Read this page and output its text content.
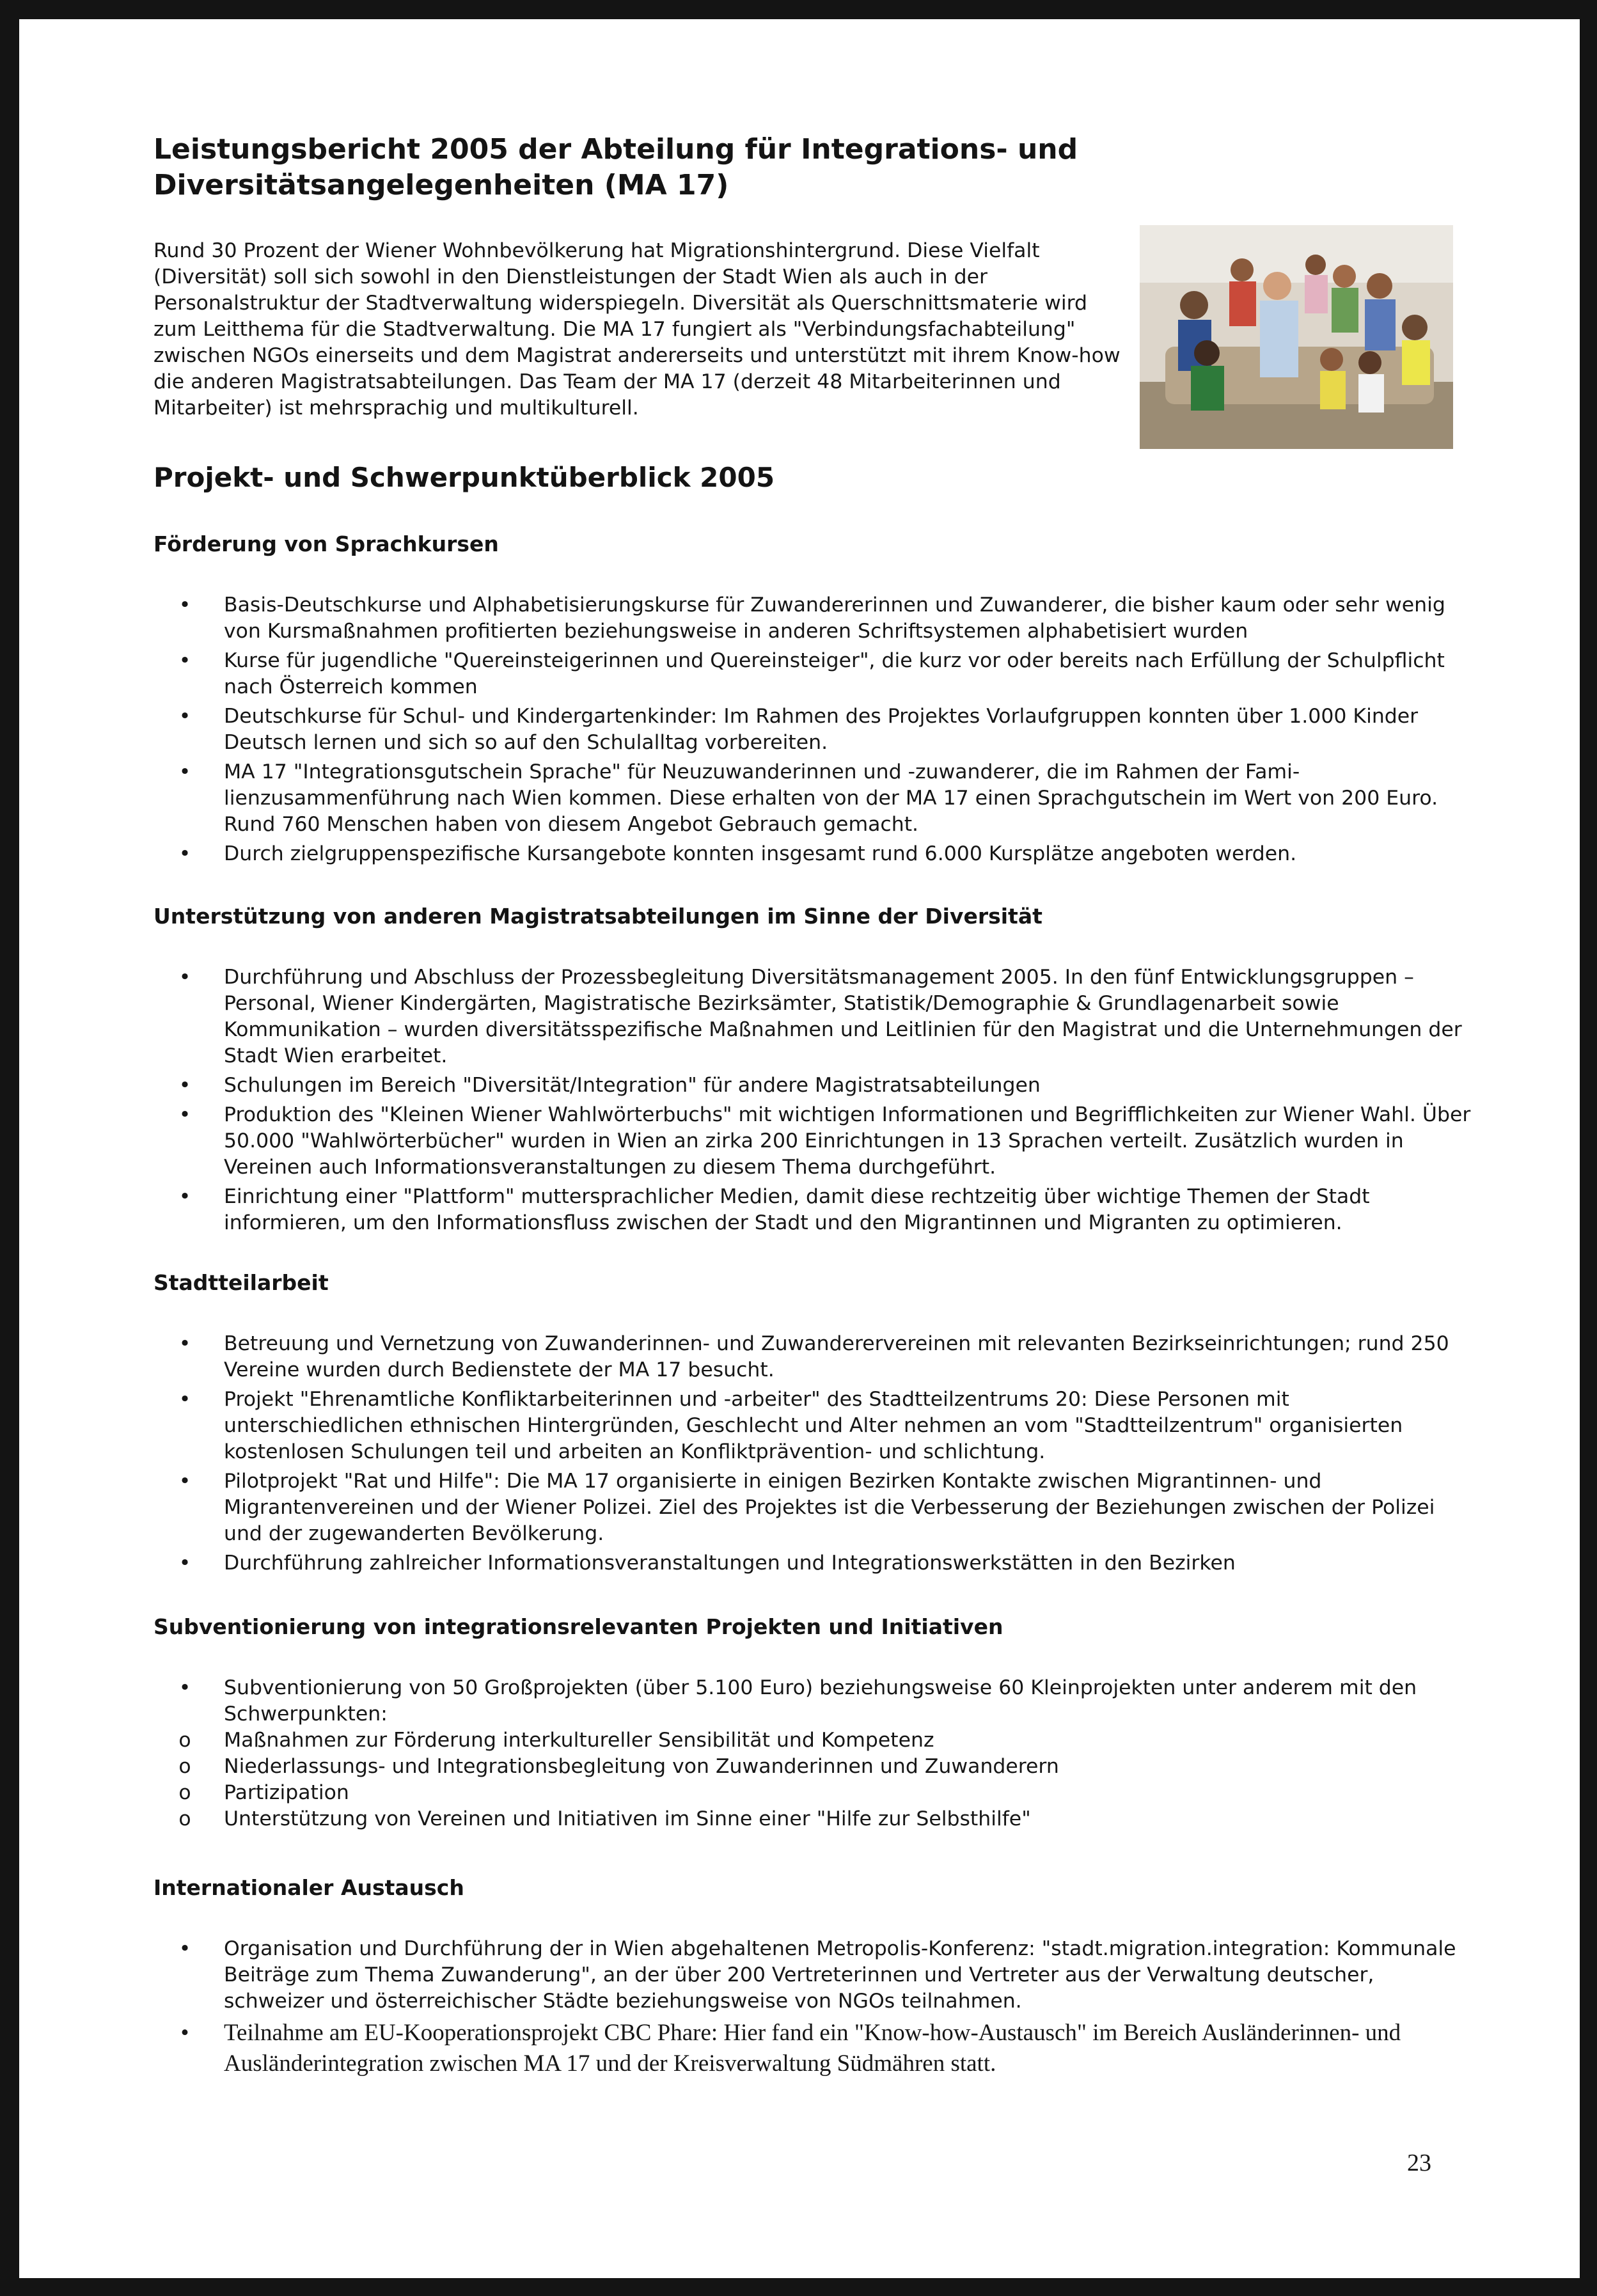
Leistungsbericht 2005 der Abteilung für Integrations- und Diversitätsangelegenheiten (MA 17)

Rund 30 Prozent der Wiener Wohnbevölkerung hat Migrationshintergrund. Diese Vielfalt (Diversität) soll sich sowohl in den Dienstleistungen der Stadt Wien als auch in der Personalstruktur der Stadtverwaltung widerspiegeln. Diversität als Querschnittsmaterie wird zum Leitthema für die Stadtverwaltung. Die MA 17 fungiert als "Verbindungsfachabteilung" zwischen NGOs einerseits und dem Magistrat andererseits und unterstützt mit ihrem Know-how die anderen Magistratsabteilungen. Das Team der MA 17 (derzeit 48 Mitarbeiterinnen und Mitarbeiter) ist mehrsprachig und multikulturell.

Projekt- und Schwerpunktüberblick 2005
Förderung von Sprachkursen
• Basis-Deutschkurse und Alphabetisierungskurse für Zuwandererinnen und Zuwanderer, die bisher kaum oder sehr wenig von Kursmaßnahmen profitierten beziehungsweise in anderen Schriftsystemen alphabetisiert wurden
• Kurse für jugendliche "Quereinsteigerinnen und Quereinsteiger", die kurz vor oder bereits nach Erfüllung der Schulpflicht nach Österreich kommen
• Deutschkurse für Schul- und Kindergartenkinder: Im Rahmen des Projektes Vorlaufgruppen konnten über 1.000 Kinder Deutsch lernen und sich so auf den Schulalltag vorbereiten.
• MA 17 "Integrationsgutschein Sprache" für Neuzuwanderinnen und -zuwanderer, die im Rahmen der Familienzusammenführung nach Wien kommen. Diese erhalten von der MA 17 einen Sprachgutschein im Wert von 200 Euro. Rund 760 Menschen haben von diesem Angebot Gebrauch gemacht.
• Durch zielgruppenspezifische Kursangebote konnten insgesamt rund 6.000 Kursplätze angeboten werden.
Unterstützung von anderen Magistratsabteilungen im Sinne der Diversität
• Durchführung und Abschluss der Prozessbegleitung Diversitätsmanagement 2005. In den fünf Entwicklungsgruppen – Personal, Wiener Kindergärten, Magistratische Bezirksämter, Statistik/Demographie & Grundlagenarbeit sowie Kommunikation – wurden diversitätsspezifische Maßnahmen und Leitlinien für den Magistrat und die Unternehmungen der Stadt Wien erarbeitet.
• Schulungen im Bereich "Diversität/Integration" für andere Magistratsabteilungen
• Produktion des "Kleinen Wiener Wahlwörterbuchs" mit wichtigen Informationen und Begrifflichkeiten zur Wiener Wahl. Über 50.000 "Wahlwörterbücher" wurden in Wien an zirka 200 Einrichtungen in 13 Sprachen verteilt. Zusätzlich wurden in Vereinen auch Informationsveranstaltungen zu diesem Thema durchgeführt.
• Einrichtung einer "Plattform" muttersprachlicher Medien, damit diese rechtzeitig über wichtige Themen der Stadt informieren, um den Informationsfluss zwischen der Stadt und den Migrantinnen und Migranten zu optimieren.
Stadtteilarbeit
• Betreuung und Vernetzung von Zuwanderinnen- und Zuwanderervereinen mit relevanten Bezirkseinrichtungen; rund 250 Vereine wurden durch Bedienstete der MA 17 besucht.
• Projekt "Ehrenamtliche Konfliktarbeiterinnen und -arbeiter" des Stadtteilzentrums 20: Diese Personen mit unterschiedlichen ethnischen Hintergründen, Geschlecht und Alter nehmen an vom "Stadtteilzentrum" organisierten kostenlosen Schulungen teil und arbeiten an Konfliktprävention- und schlichtung.
• Pilotprojekt "Rat und Hilfe": Die MA 17 organisierte in einigen Bezirken Kontakte zwischen Migrantinnen- und Migrantenvereinen und der Wiener Polizei. Ziel des Projektes ist die Verbesserung der Beziehungen zwischen der Polizei und der zugewanderten Bevölkerung.
• Durchführung zahlreicher Informationsveranstaltungen und Integrationswerkstätten in den Bezirken
Subventionierung von integrationsrelevanten Projekten und Initiativen
• Subventionierung von 50 Großprojekten (über 5.100 Euro) beziehungsweise 60 Kleinprojekten unter anderem mit den Schwerpunkten:
o Maßnahmen zur Förderung interkultureller Sensibilität und Kompetenz
o Niederlassungs- und Integrationsbegleitung von Zuwanderinnen und Zuwanderern
o Partizipation
o Unterstützung von Vereinen und Initiativen im Sinne einer "Hilfe zur Selbsthilfe"
Internationaler Austausch
• Organisation und Durchführung der in Wien abgehaltenen Metropolis-Konferenz: "stadt.migration.integration: Kommunale Beiträge zum Thema Zuwanderung", an der über 200 Vertreterinnen und Vertreter aus der Verwaltung deutscher, schweizer und österreichischer Städte beziehungsweise von NGOs teilnahmen.
• Teilnahme am EU-Kooperationsprojekt CBC Phare: Hier fand ein "Know-how-Austausch" im Bereich Ausländerinnen- und Ausländerintegration zwischen MA 17 und der Kreisverwaltung Südmähren statt.
23
